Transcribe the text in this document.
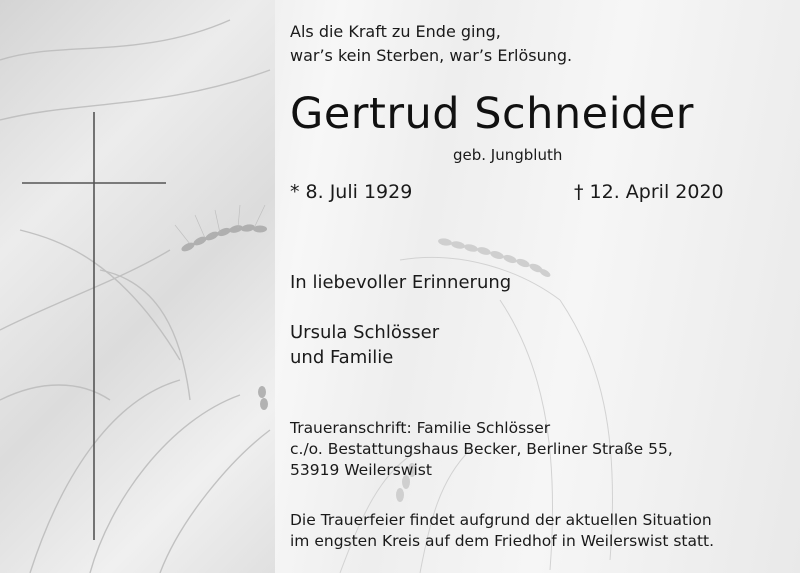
Als die Kraft zu Ende ging,
war’s kein Sterben, war’s Erlösung.
Gertrud Schneider
geb. Jungbluth
* 8. Juli 1929	† 12. April 2020
In liebevoller Erinnerung
Ursula Schlösser
und Familie
Traueranschrift: Familie Schlösser
c./o. Bestattungshaus Becker, Berliner Straße 55,
53919 Weilerswist
Die Trauerfeier findet aufgrund der aktuellen Situation
im engsten Kreis auf dem Friedhof in Weilerswist statt.
